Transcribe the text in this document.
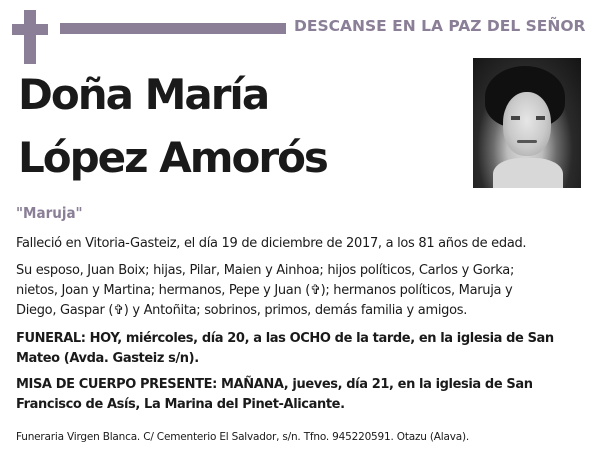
DESCANSE EN LA PAZ DEL SEÑOR
Doña María
López Amorós
"Maruja"

Falleció en Vitoria-Gasteiz, el día 19 de diciembre de 2017, a los 81 años de edad.

Su esposo, Juan Boix; hijas, Pilar, Maien y Ainhoa; hijos políticos, Carlos y Gorka;
nietos, Joan y Martina; hermanos, Pepe y Juan (✞); hermanos políticos, Maruja y
Diego, Gaspar (✞) y Antoñita; sobrinos, primos, demás familia y amigos.

FUNERAL: HOY, miércoles, día 20, a las OCHO de la tarde, en la iglesia de San
Mateo (Avda. Gasteiz s/n).

MISA DE CUERPO PRESENTE: MAÑANA, jueves, día 21, en la iglesia de San
Francisco de Asís, La Marina del Pinet-Alicante.

Funeraria Virgen Blanca. C/ Cementerio El Salvador, s/n. Tfno. 945220591. Otazu (Alava).
